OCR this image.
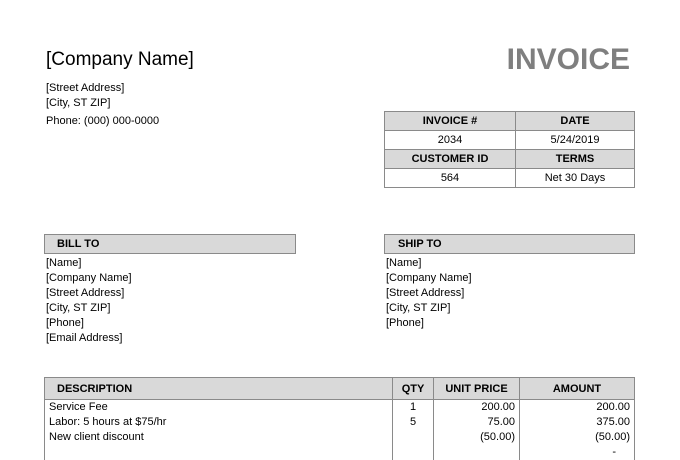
[Company Name]
[Street Address]
[City, ST ZIP]
Phone: (000) 000-0000
INVOICE
INVOICE #	DATE
2034	5/24/2019
CUSTOMER ID	TERMS
564	Net 30 Days
BILL TO
[Name]
[Company Name]
[Street Address]
[City, ST ZIP]
[Phone]
[Email Address]
SHIP TO
[Name]
[Company Name]
[Street Address]
[City, ST ZIP]
[Phone]
DESCRIPTION	QTY	UNIT PRICE	AMOUNT
Service Fee	1	200.00	200.00
Labor: 5 hours at $75/hr	5	75.00	375.00
New client discount		(50.00)	(50.00)
			-
